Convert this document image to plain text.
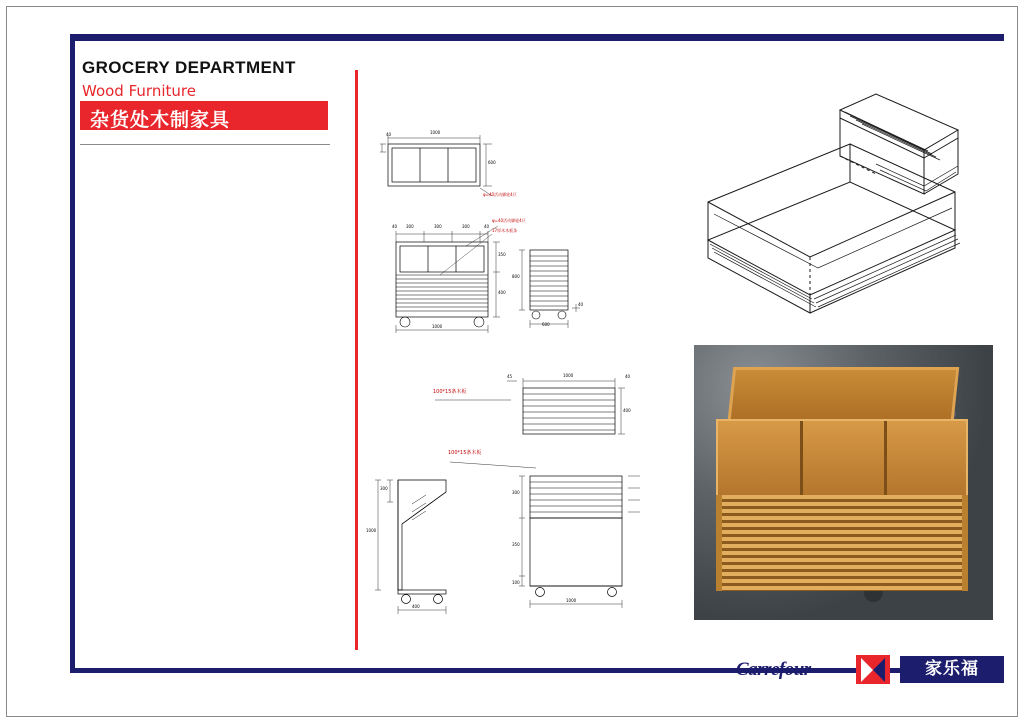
GROCERY DEPARTMENT
Wood Furniture
杂货处木制家具
40	1000
600
φ=40活动脚轮4只
40 300	300	300	40
350
400
1000
φ=40活动脚轮4只
17厚木木板条
800
600
40
45	1000	40
400
100*15条木板
300
1000
400
300
350
100
1000
100*15条木板
Carrefour	家乐福
